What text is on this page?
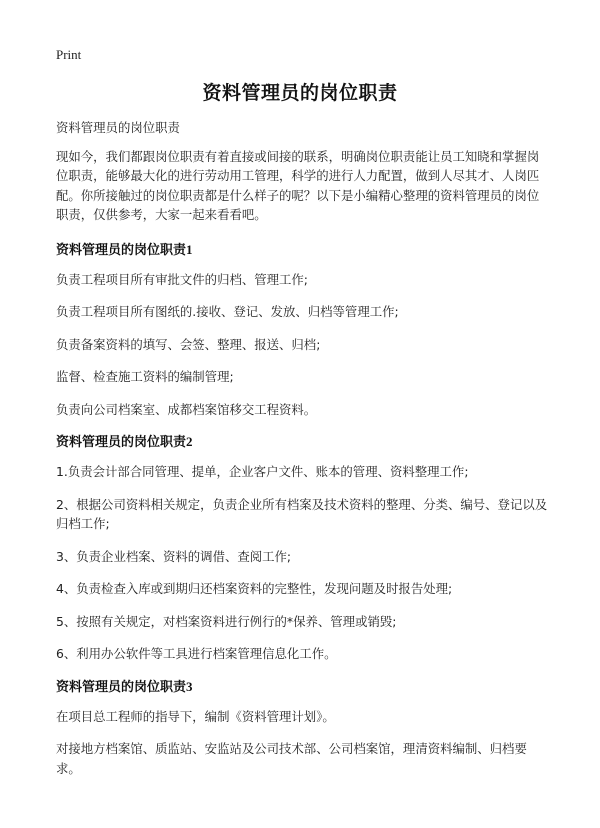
Print
资料管理员的岗位职责

资料管理员的岗位职责

现如今，我们都跟岗位职责有着直接或间接的联系，明确岗位职责能让员工知晓和掌握岗位职责，能够最大化的进行劳动用工管理，科学的进行人力配置，做到人尽其才、人岗匹配。你所接触过的岗位职责都是什么样子的呢？以下是小编精心整理的资料管理员的岗位职责，仅供参考，大家一起来看看吧。

资料管理员的岗位职责1
负责工程项目所有审批文件的归档、管理工作;
负责工程项目所有图纸的.接收、登记、发放、归档等管理工作;
负责备案资料的填写、会签、整理、报送、归档;
监督、检查施工资料的编制管理;
负责向公司档案室、成都档案馆移交工程资料。
资料管理员的岗位职责2
1.负责会计部合同管理、提单，企业客户文件、账本的管理、资料整理工作;
2、根据公司资料相关规定，负责企业所有档案及技术资料的整理、分类、编号、登记以及归档工作;
3、负责企业档案、资料的调借、查阅工作;
4、负责检查入库或到期归还档案资料的完整性，发现问题及时报告处理;
5、按照有关规定，对档案资料进行例行的*保养、管理或销毁;
6、利用办公软件等工具进行档案管理信息化工作。
资料管理员的岗位职责3
在项目总工程师的指导下，编制《资料管理计划》。
对接地方档案馆、质监站、安监站及公司技术部、公司档案馆，理清资料编制、归档要求。
